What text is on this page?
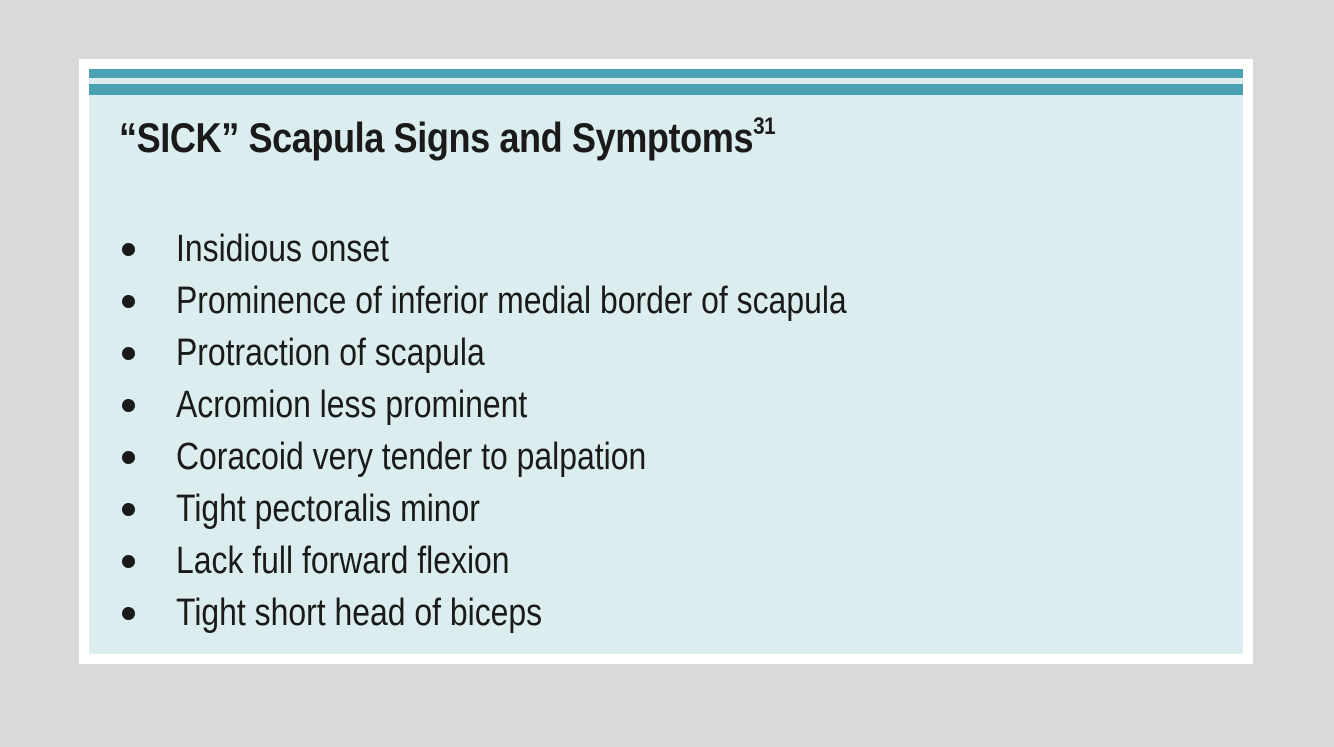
“SICK” Scapula Signs and Symptoms$^{31}$
Insidious onset
Prominence of inferior medial border of scapula
Protraction of scapula
Acromion less prominent
Coracoid very tender to palpation
Tight pectoralis minor
Lack full forward flexion
Tight short head of biceps
